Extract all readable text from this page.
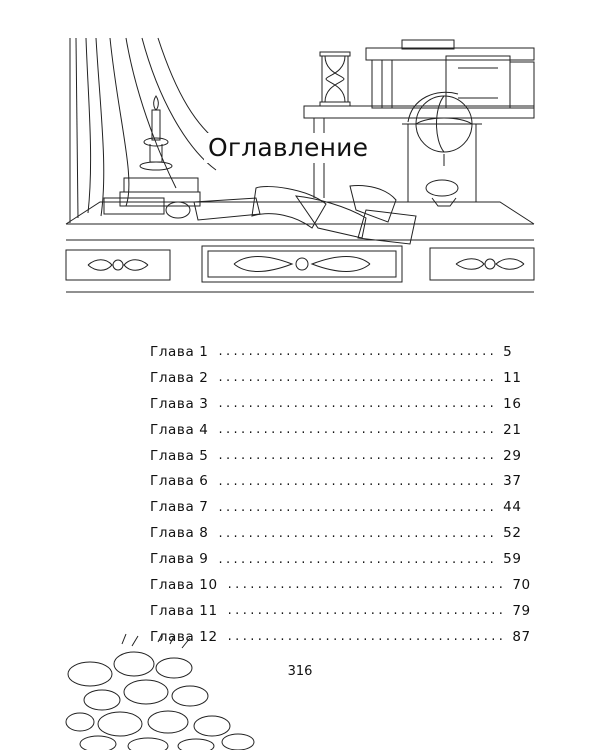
Оглавление
Глава 1 ..................................... 5
Глава 2 ..................................... 11
Глава 3 ..................................... 16
Глава 4 ..................................... 21
Глава 5 ..................................... 29
Глава 6 ..................................... 37
Глава 7 ..................................... 44
Глава 8 ..................................... 52
Глава 9 ..................................... 59
Глава 10 ..................................... 70
Глава 11 ..................................... 79
Глава 12 ..................................... 87
316
